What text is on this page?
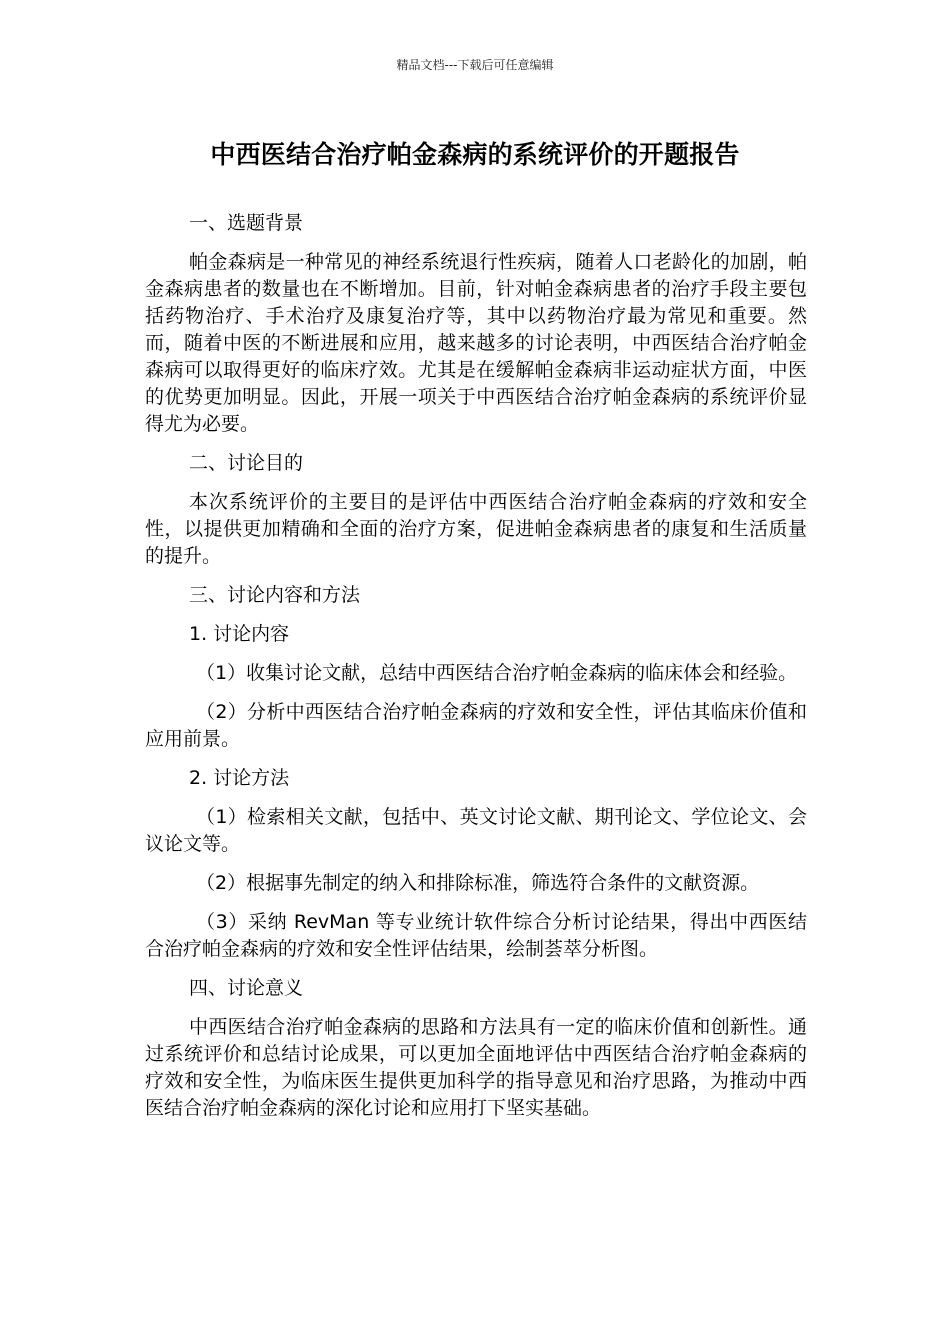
精品文档---下载后可任意编辑
中西医结合治疗帕金森病的系统评价的开题报告

一、选题背景

帕金森病是一种常见的神经系统退行性疾病，随着人口老龄化的加剧，帕金森病患者的数量也在不断增加。目前，针对帕金森病患者的治疗手段主要包括药物治疗、手术治疗及康复治疗等，其中以药物治疗最为常见和重要。然而，随着中医的不断进展和应用，越来越多的讨论表明，中西医结合治疗帕金森病可以取得更好的临床疗效。尤其是在缓解帕金森病非运动症状方面，中医的优势更加明显。因此，开展一项关于中西医结合治疗帕金森病的系统评价显得尤为必要。

二、讨论目的

本次系统评价的主要目的是评估中西医结合治疗帕金森病的疗效和安全性，以提供更加精确和全面的治疗方案，促进帕金森病患者的康复和生活质量的提升。

三、讨论内容和方法

1. 讨论内容

（1）收集讨论文献，总结中西医结合治疗帕金森病的临床体会和经验。

（2）分析中西医结合治疗帕金森病的疗效和安全性，评估其临床价值和应用前景。

2. 讨论方法

（1）检索相关文献，包括中、英文讨论文献、期刊论文、学位论文、会议论文等。

（2）根据事先制定的纳入和排除标准，筛选符合条件的文献资源。

（3）采纳 RevMan 等专业统计软件综合分析讨论结果，得出中西医结合治疗帕金森病的疗效和安全性评估结果，绘制荟萃分析图。

四、讨论意义

中西医结合治疗帕金森病的思路和方法具有一定的临床价值和创新性。通过系统评价和总结讨论成果，可以更加全面地评估中西医结合治疗帕金森病的疗效和安全性，为临床医生提供更加科学的指导意见和治疗思路，为推动中西医结合治疗帕金森病的深化讨论和应用打下坚实基础。
